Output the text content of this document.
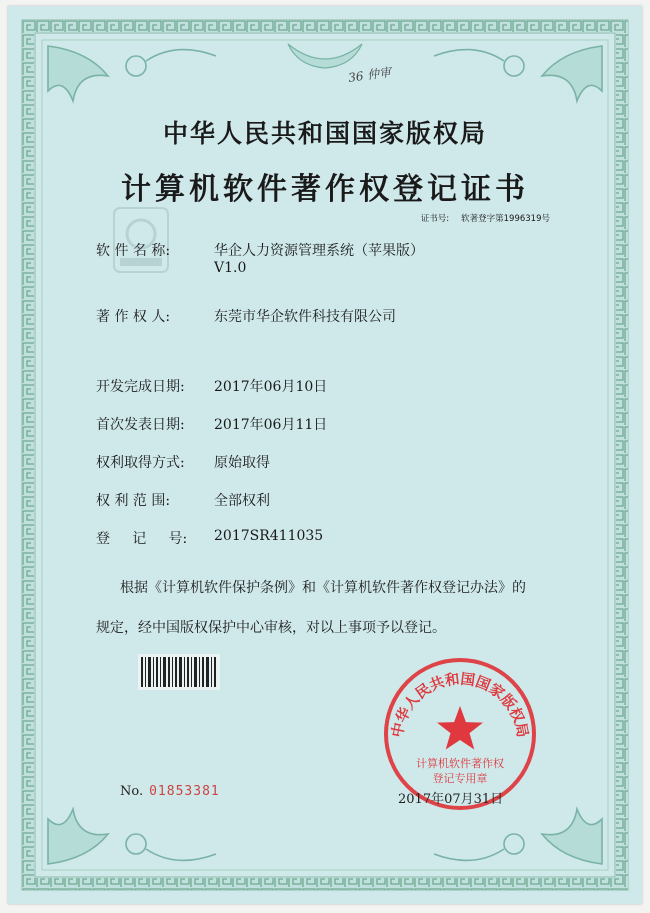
36 仲审
中华人民共和国国家版权局
计算机软件著作权登记证书
证书号: 软著登字第1996319号
软 件 名 称:	华企人力资源管理系统（苹果版）
V1.0
著 作 权 人:	东莞市华企软件科技有限公司
开发完成日期: 2017年06月10日
首次发表日期: 2017年06月11日
权利取得方式: 原始取得
权 利 范 围:	全部权利
登     记     号: 2017SR411035
根据《计算机软件保护条例》和《计算机软件著作权登记办法》的
规定，经中国版权保护中心审核，对以上事项予以登记。
中华人民共和国国家版权局
计算机软件著作权
登记专用章
No. 01853381
2017年07月31日
